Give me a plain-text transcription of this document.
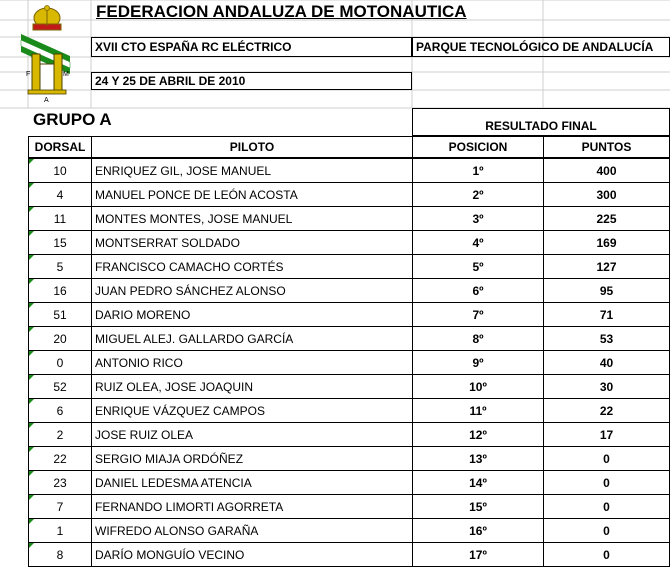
F	M
A
FEDERACION ANDALUZA DE MOTONAUTICA
XVII CTO ESPAÑA RC ELÉCTRICO	PARQUE TECNOLÓGICO DE ANDALUCÍA
24 Y 25 DE ABRIL DE 2010
GRUPO A	RESULTADO FINAL
DORSAL	PILOTO	POSICION	PUNTOS
10	ENRIQUEZ GIL, JOSE MANUEL	1º	400
4	MANUEL PONCE DE LEÓN ACOSTA	2º	300
11	MONTES MONTES, JOSE MANUEL	3º	225
15	MONTSERRAT SOLDADO	4º	169
5	FRANCISCO CAMACHO CORTÉS	5º	127
16	JUAN PEDRO SÁNCHEZ ALONSO	6º	95
51	DARIO MORENO	7º	71
20	MIGUEL ALEJ. GALLARDO GARCÍA	8º	53
0	ANTONIO RICO	9º	40
52	RUIZ OLEA, JOSE JOAQUIN	10º	30
6	ENRIQUE VÁZQUEZ CAMPOS	11º	22
2	JOSE RUIZ OLEA	12º	17
22	SERGIO MIAJA ORDÓÑEZ	13º	0
23	DANIEL LEDESMA ATENCIA	14º	0
7	FERNANDO LIMORTI AGORRETA	15º	0
1	WIFREDO ALONSO GARAÑA	16º	0
8	DARÍO MONGUÍO VECINO	17º	0
